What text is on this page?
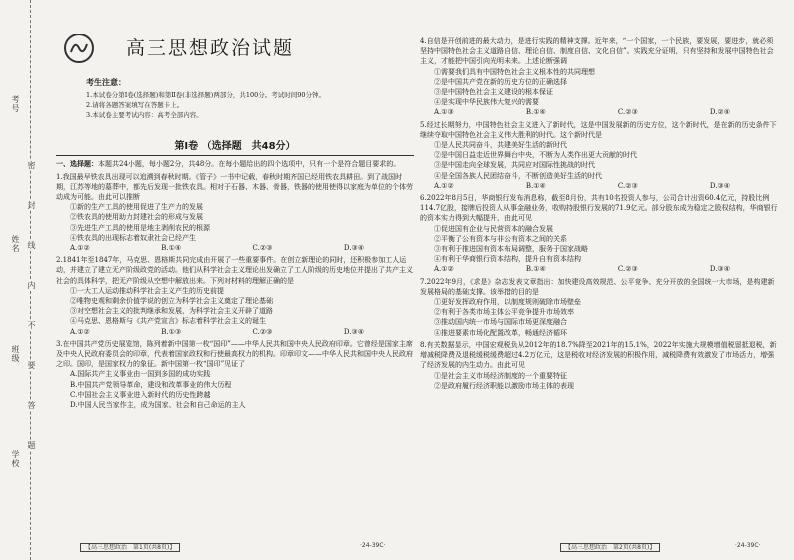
学校
班级
姓名
考号
密
封
线
内
不
要
答
题
高三思想政治试题
考生注意：
1.本试卷分第Ⅰ卷(选择题)和第Ⅱ卷(非选择题)两部分，共100分。考试时间90分钟。
2.请将各题答案填写在答题卡上。
3.本试卷主要考试内容：高考全部内容。
第Ⅰ卷 （选择题　共48分）
一、选择题：本题共24小题，每小题2分，共48分。在每小题给出的四个选项中，只有一个是符合题目要求的。
1.我国最早铁农具出现可以追溯到春秋时期。《管子》一书中记载，春秋时期齐国已经用铁农具耕田。到了战国时期，江苏等地的墓葬中，都先后发现一批铁农具。相对于石器、木器、骨器，铁器的使用使得以家庭为单位的个体劳动成为可能。由此可以推断
①新的生产工具的使用促进了生产力的发展
②铁农具的使用助力封建社会的形成与发展
③先进生产工具的使用是地主剥削农民的根源
④铁农具的出现标志着奴隶社会已经产生
A.①②	B.①④	C.②③	D.③④
2.1841年至1847年，马克思、恩格斯共同完成由开展了一些重要事件。在创立新理论的同时，还积极参加工人运动，并建立了建立无产阶级政党的活动。他们从科学社会主义理论出发确立了工人阶级的历史地位并提出了共产主义社会的具体科学，把无产阶级从空想中解放出来。下列对材料的理解正确的是
①一大工人运动推动科学社会主义产生的历史前提
②唯物史观和剩余价值学说的创立为科学社会主义奠定了理论基础
③对空想社会主义的批判继承和发展，为科学社会主义开辟了道路
④马克思、恩格斯与《共产党宣言》标志着科学社会主义的诞生
A.①②	B.①③	C.②③	D.③④
3.在中国共产党历史展览馆，陈列着新中国第一枚“国印”——中华人民共和国中央人民政府印章。它曾经是国家主席及中央人民政府委员会的印章，代表着国家政权和行使最高权力的机构。印章印文——中华人民共和国中央人民政府之印。国印，是国家权力的象征。新中国第一枚“国印”见证了
A.国际共产主义事业由一国到多国的成功实践
B.中国共产党领导革命，建设和改革事业的伟大历程
C.中国社会主义事业进入新时代的历史性跨越
D.中国人民当家作主，成为国家、社会和自己命运的主人
4.自信是开创前进的最大动力，是进行实践的精神支撑。近年来，“一个国家，一个民族，要发展，要进步，就必须坚持中国特色社会主义道路自信、理论自信、制度自信、文化自信”。实践充分证明，只有坚持和发展中国特色社会主义，才能把中国引向光明未来。上述论断强调
①需要我们具有中国特色社会主义根本性的共同理想
②是中国共产党在新的历史方位的正确选择
③是中国特色社会主义建设的根本保证
④是实现中华民族伟大复兴的需要
A.①③	B.①④	C.②③	D.②④
5.经过长期努力，中国特色社会主义进入了新时代，这是中国发展新的历史方位，这个新时代，是在新的历史条件下继续夺取中国特色社会主义伟大胜利的时代。这个新时代是
①是人民共同奋斗，共建美好生活的新时代
②是中国日益走近世界舞台中央，不断为人类作出更大贡献的时代
③是中国走向全球发展，共同应对国际性挑战的时代
④是全国各族人民团结奋斗，不断创造美好生活的时代
A.①②	B.①④	C.②③	D.③④
6.2022年8月5日，华商银行发布消息称，截至8月份，共有10名投资人参与，公司合计出资60.4亿元，持股比例114.7亿股，接牌后投资人从事金融业务，收购持股银行发展的71.9亿元。部分股东成为稳定之股权结构，华商银行的资本实力得到大幅提升，由此可见
①促进国有企业与民营资本的融合发展
②平衡了公有资本与非公有资本之间的关系
③有利于推进国有资本布局调整，服务于国家战略
④有利于华商银行资本结构，提升自有资本结构
A.①②	B.①④	C.②③	D.③④
7.2022年9月，《求是》杂志发表文章指出：加快建设高效规范、公平竞争、充分开放的全国统一大市场，是构建新发展格局的基础支撑。该举措的目的是
①更好发挥政府作用，以制度规则破除市场壁垒
②有利于各类市场主体公平竞争提升市场效率
③推动国内统一市场与国际市场更深度融合
④推进要素市场化配置改革，畅通经济循环
8.有关数据显示，中国宏观税负从2012年的18.7%降至2021年的15.1%，2022年实施大规模增值税留抵退税，新增减税降费及退税缓税缓费超过4.2万亿元，这是税收对经济发展的积极作用，减税降费有效激发了市场活力，增强了经济发展的内生动力。由此可见
①是社会主义市场经济制度的一个重要特征
②是政府履行经济职能以激励市场主体的表现
【高三思想政治　第1页(共8页)】	·24-39C·	【高三思想政治　第2页(共8页)】	·24-39C·
